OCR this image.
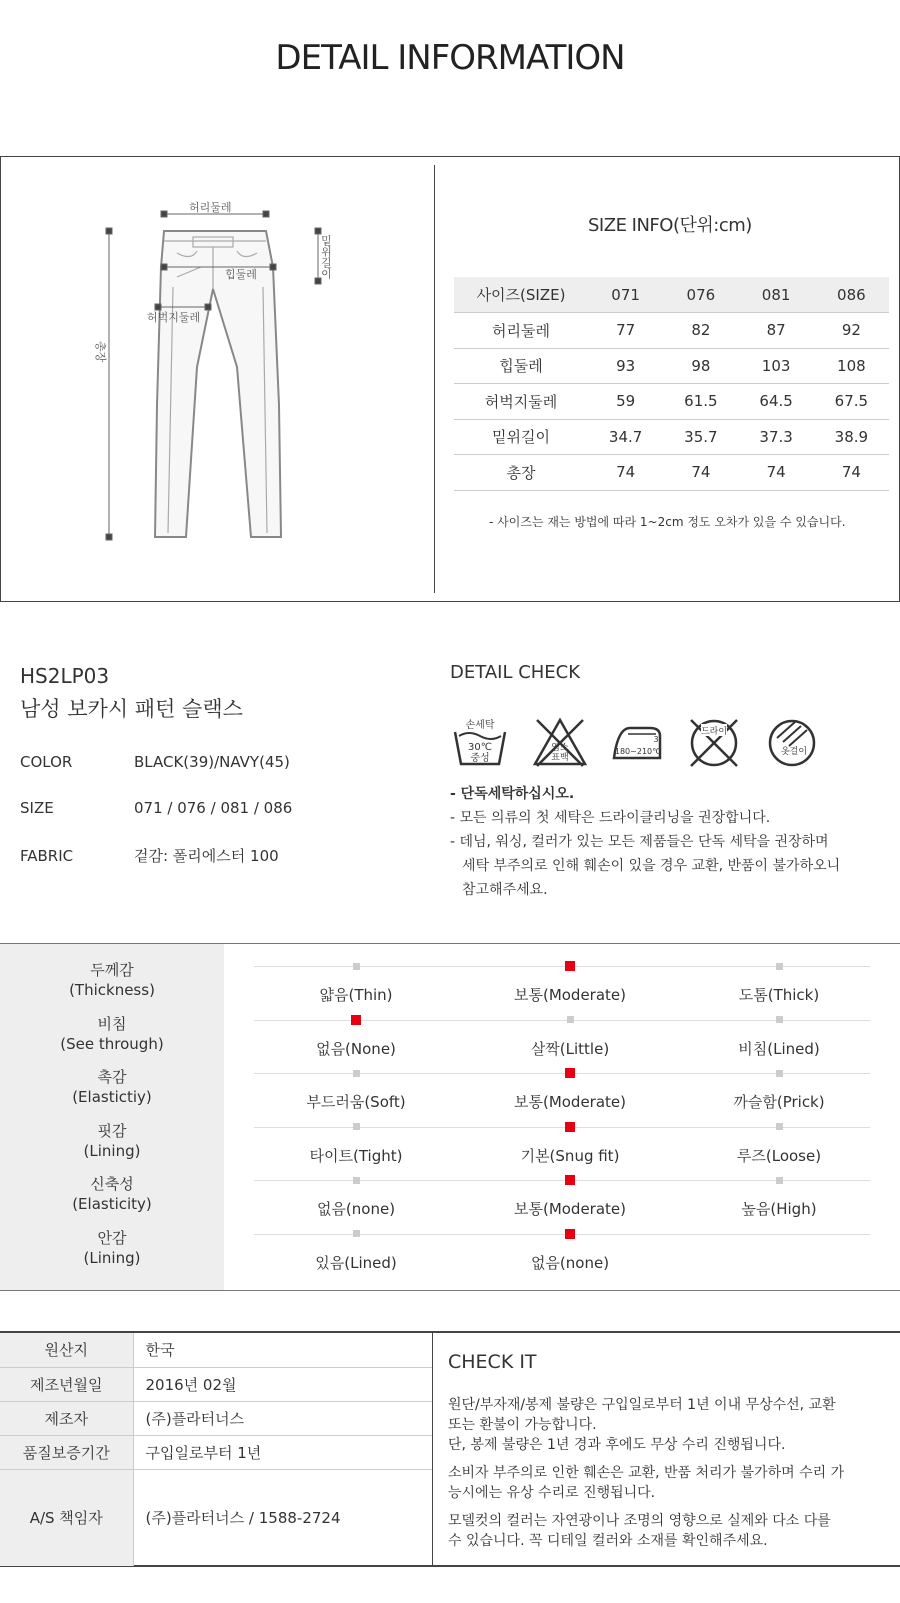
DETAIL INFORMATION
허리둘레
힙둘레
허벅지둘레
총장
밑위길이
SIZE INFO(단위:cm)
사이즈(SIZE)	071	076	081	086
허리둘레	77	82	87	92
힙둘레	93	98	103	108
허벅지둘레	59	61.5	64.5	67.5
밑위길이	34.7	35.7	37.3	38.9
총장	74	74	74	74
- 사이즈는 재는 방법에 따라 1~2cm 정도 오차가 있을 수 있습니다.
HS2LP03
남성 보카시 패턴 슬랙스
COLOR	BLACK(39)/NAVY(45)
SIZE	071 / 076 / 081 / 086
FABRIC	겉감: 폴리에스터 100
DETAIL CHECK
손세탁
30℃
중성
염소
표백
3
180~210℃
드라이
옷걸이
- 단독세탁하십시오.
- 모든 의류의 첫 세탁은 드라이클리닝을 권장합니다.
- 데님, 워싱, 컬러가 있는 모든 제품들은 단독 세탁을 권장하며
세탁 부주의로 인해 훼손이 있을 경우 교환, 반품이 불가하오니
참고해주세요.
두께감
(Thickness)	얇음(Thin)	보통(Moderate)	도톰(Thick)
비침
(See through)	없음(None)	살짝(Little)	비침(Lined)
촉감
(Elastictiy)	부드러움(Soft)	보통(Moderate)	까슬함(Prick)
핏감
(Lining)	타이트(Tight)	기본(Snug fit)	루즈(Loose)
신축성
(Elasticity)	없음(none)	보통(Moderate)	높음(High)
안감
(Lining)	있음(Lined)	없음(none)
원산지	한국
제조년월일	2016년 02월
제조자	(주)플라터너스
품질보증기간	구입일로부터 1년
A/S 책임자	(주)플라터너스 / 1588-2724
CHECK IT

원단/부자재/봉제 불량은 구입일로부터 1년 이내 무상수선, 교환
또는 환불이 가능합니다.
단, 봉제 불량은 1년 경과 후에도 무상 수리 진행됩니다.

소비자 부주의로 인한 훼손은 교환, 반품 처리가 불가하며 수리 가
능시에는 유상 수리로 진행됩니다.

모델컷의 컬러는 자연광이나 조명의 영향으로 실제와 다소 다를
수 있습니다. 꼭 디테일 컬러와 소재를 확인해주세요.
